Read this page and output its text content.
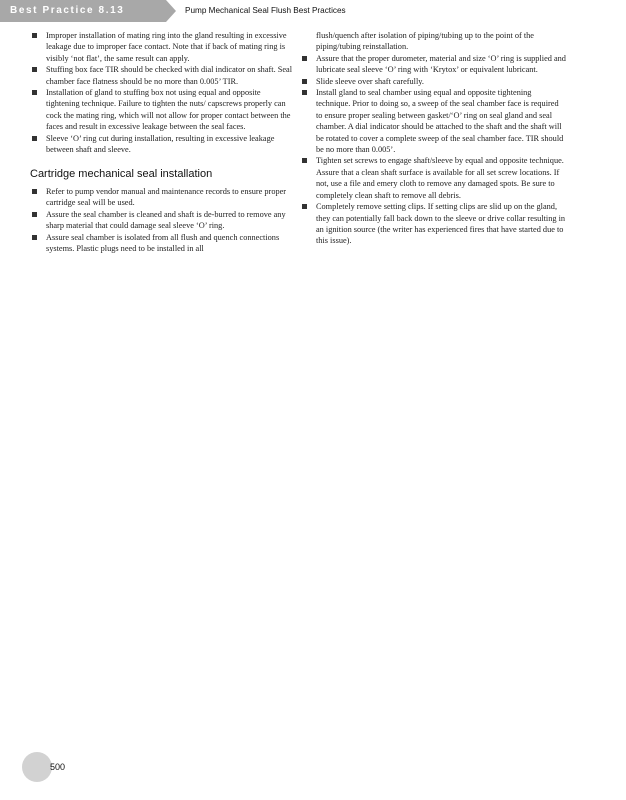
Best Practice 8.13	Pump Mechanical Seal Flush Best Practices
Improper installation of mating ring into the gland resulting in excessive leakage due to improper face contact. Note that if back of mating ring is visibly ‘not flat’, the same result can apply.
Stuffing box face TIR should be checked with dial indicator on shaft. Seal chamber face flatness should be no more than 0.005’ TIR.
Installation of gland to stuffing box not using equal and opposite tightening technique. Failure to tighten the nuts/ capscrews properly can cock the mating ring, which will not allow for proper contact between the faces and result in excessive leakage between the seal faces.
Sleeve ‘O’ ring cut during installation, resulting in excessive leakage between shaft and sleeve.
Cartridge mechanical seal installation
Refer to pump vendor manual and maintenance records to ensure proper cartridge seal will be used.
Assure the seal chamber is cleaned and shaft is de-burred to remove any sharp material that could damage seal sleeve ‘O’ ring.
Assure seal chamber is isolated from all flush and quench connections systems. Plastic plugs need to be installed in all
flush/quench after isolation of piping/tubing up to the point of the piping/tubing reinstallation.
Assure that the proper durometer, material and size ‘O’ ring is supplied and lubricate seal sleeve ‘O’ ring with ‘Krytox’ or equivalent lubricant.
Slide sleeve over shaft carefully.
Install gland to seal chamber using equal and opposite tightening technique. Prior to doing so, a sweep of the seal chamber face is required to ensure proper sealing between gasket/‘O’ ring on seal gland and seal chamber. A dial indicator should be attached to the shaft and the shaft will be rotated to cover a complete sweep of the seal chamber face. TIR should be no more than 0.005’.
Tighten set screws to engage shaft/sleeve by equal and opposite technique. Assure that a clean shaft surface is available for all set screw locations. If not, use a file and emery cloth to remove any damaged spots. Be sure to completely clean shaft to remove all debris.
Completely remove setting clips. If setting clips are slid up on the gland, they can potentially fall back down to the sleeve or drive collar resulting in an ignition source (the writer has experienced fires that have started due to this issue).
500
